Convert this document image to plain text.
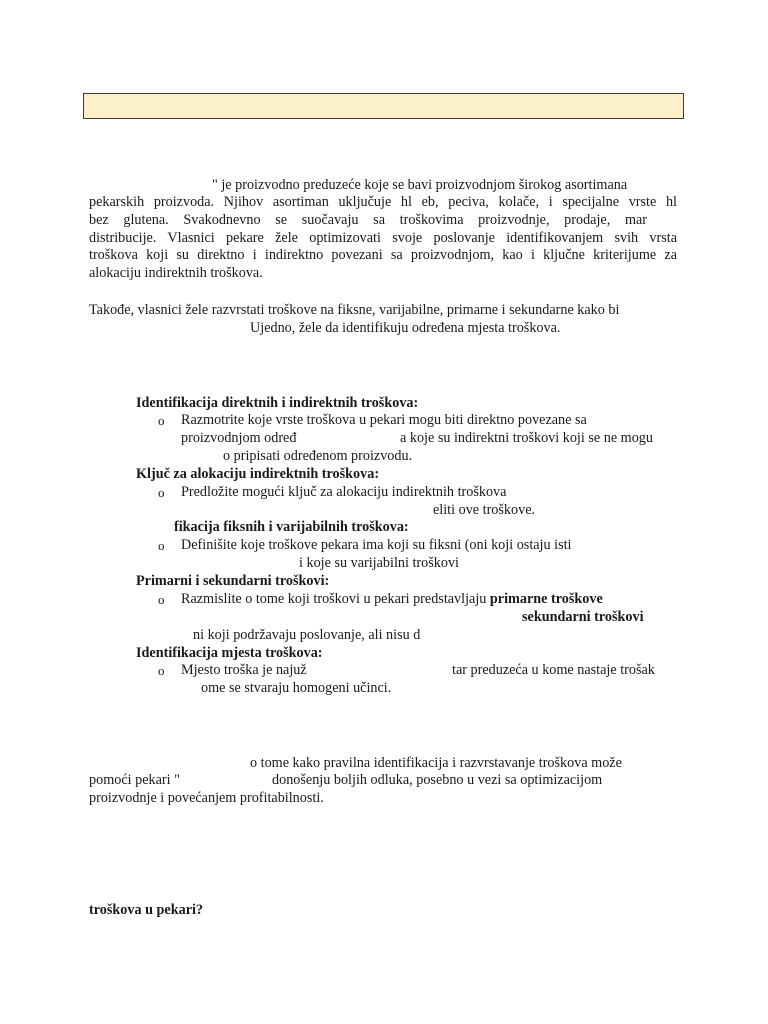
" je proizvodno preduzeće koje se bavi proizvodnjom širokog asortimana
pekarskih proizvoda. Njihov asortiman uključuje hl eb, peciva, kolače, i specijalne vrste hl
bez glutena. Svakodnevno se suočavaju sa troškovima proizvodnje, prodaje, mar
distribucije. Vlasnici pekare žele optimizovati svoje poslovanje identifikovanjem svih vrsta
troškova koji su direktno i indirektno povezani sa proizvodnjom, kao i ključne kriterijume za
alokaciju indirektnih troškova.
Takođe, vlasnici žele razvrstati troškove na fiksne, varijabilne, primarne i sekundarne kako bi
Ujedno, žele da identifikuju određena mjesta troškova.
Identifikacija direktnih i indirektnih troškova:
o Razmotrite koje vrste troškova u pekari mogu biti direktno povezane sa
proizvodnjom određ	a koje su indirektni troškovi koji se ne mogu
o pripisati određenom proizvodu.
Ključ za alokaciju indirektnih troškova:
o Predložite mogući ključ za alokaciju indirektnih troškova
eliti ove troškove.
fikacija fiksnih i varijabilnih troškova:
o Definišite koje troškove pekara ima koji su fiksni (oni koji ostaju isti
i koje su varijabilni troškovi
Primarni i sekundarni troškovi:
o Razmislite o tome koji troškovi u pekari predstavljaju primarne troškove
sekundarni troškovi
ni koji podržavaju poslovanje, ali nisu d
Identifikacija mjesta troškova:
o Mjesto troška je najuž	tar preduzeća u kome nastaje trošak
ome se stvaraju homogeni učinci.
o tome kako pravilna identifikacija i razvrstavanje troškova može
pomoći pekari "	donošenju boljih odluka, posebno u vezi sa optimizacijom
proizvodnje i povećanjem profitabilnosti.
troškova u pekari?
